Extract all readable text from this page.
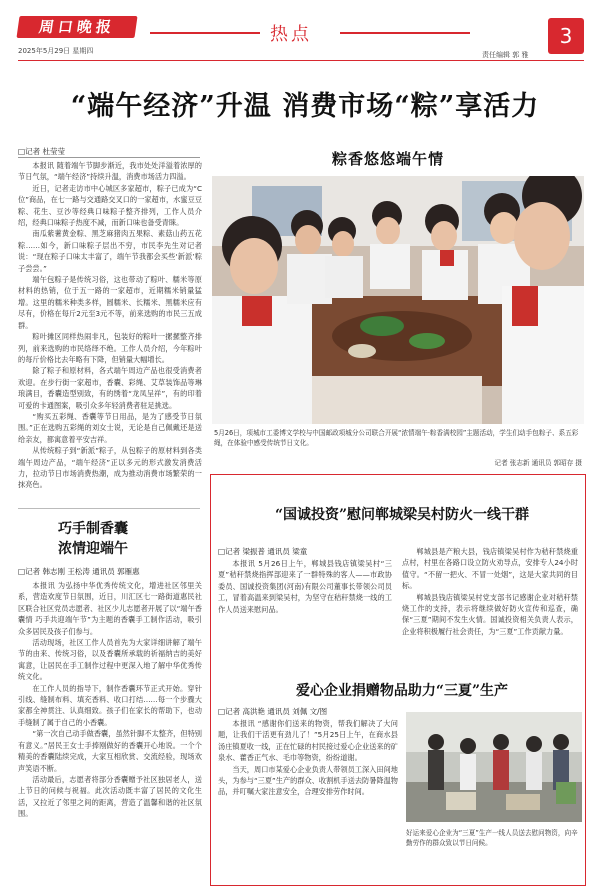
周口晚报
2025年5月29日 星期四
热点
责任编辑 郭 雅
3
“端午经济”升温 消费市场“粽”享活力
□记者 杜莹莹

本报讯 随着端午节脚步渐近，我市处处洋溢着浓厚的节日气氛，“端午经济”持续升温，消费市场活力四溢。

近日，记者走访市中心城区多家超市，粽子已成为“C位”商品，在七一路与交通路交叉口的一家超市，水蜜豆豆粽、花生、豆沙等经典口味粽子整齐排列，工作人员介绍，经典口味粽子热度不减，而新口味也备受青睐。

南瓜紫薯黄金粽、黑芝麻猪肉五果粽、素菇山药五花粽……如今，新口味粽子层出不穷，市民李先生对记者说：“现在粽子口味太丰富了，端午节我都会买些‘新派’粽子尝尝。”

端午包粽子是传统习俗，这也带动了粽叶、糯米等原材料的热销，位于五一路的一家超市，近期糯米销量猛增。这里的糯米种类多样，圆糯米、长糯米、黑糯米应有尽有，价格在每斤2元至3元不等，前来选购的市民三五成群。

粽叶摊区同样热闹非凡，包装好的粽叶一摞摞整齐排列，前来选购的市民络绎不绝。工作人员介绍，今年粽叶的每斤价格比去年略有下降，但销量大幅增长。

除了粽子和原材料，各式端午周边产品也很受消费者欢迎。在步行街一家超市，香囊、彩绳、艾草装饰品等琳琅满目，香囊造型别致，有的绣着“龙凤呈祥”，有的印着可爱的卡通图案，吸引众多年轻消费者驻足挑选。

“购买五彩绳、香囊等节日用品，是为了感受节日氛围。”正在选购五彩绳的刘女士说，无论是自己佩戴还是送给亲友，都寓意着平安吉祥。

从传统粽子到“新派”粽子，从包粽子的原材料到各类端午周边产品，“端午经济”正以多元的形式激发消费活力，拉动节日市场消费热潮，成为推动消费市场繁荣的一抹亮色。

粽香悠悠端午情
5月26日，项城市工委博文学校与中国邮政项城分公司联合开展“浓情端午·粽香满校园”主题活动，学生们动手包粽子、系五彩绳，在体验中感受传统节日文化。
记者 张志新 通讯员 郭昭存 摄
巧手制香囊
浓情迎端午
□记者 韩志刚 王松涛 通讯员 郭雁惠

本报讯 为弘扬中华优秀传统文化，增进社区邻里关系，营造欢度节日氛围，近日，川汇区七一路街道惠民社区联合社区党员志愿者、社区少儿志愿者开展了以“端午香囊情 巧手共迎端午节”为主题的香囊手工制作活动，吸引众多居民及孩子们参与。

活动现场，社区工作人员首先为大家详细讲解了端午节的由来、传统习俗，以及香囊所承载的祈福纳吉的美好寓意，让居民在手工制作过程中更深入地了解中华优秀传统文化。

在工作人员的指导下，制作香囊环节正式开始。穿针引线、缝制布料、填充香料、收口打结……每一个步骤大家都全神贯注、认真细致。孩子们在家长的帮助下，也动手缝制了属于自己的小香囊。

“第一次自己动手做香囊，虽然针脚不太整齐，但特别有意义。”居民王女士手捧刚做好的香囊开心地说。一个个精美的香囊陆续完成，大家互相欣赏、交流经验，现场欢声笑语不断。

活动最后，志愿者将部分香囊赠予社区独居老人，送上节日的问候与祝福。此次活动既丰富了居民的文化生活，又拉近了邻里之间的距离，营造了温馨和谐的社区氛围。

“国诚投资”慰问郸城梁吴村防火一线干群
□记者 梁振普 通讯员 梁童

本报讯 5月26日上午，郸城县钱店镇梁吴村“三夏”秸秆禁烧指挥部迎来了一群特殊的客人——市政协委员、国诚投资集团(河南)有限公司董事长带领公司员工，冒着高温来到梁吴村，为坚守在秸秆禁烧一线的工作人员送来慰问品。

郸城县是产粮大县，钱店镇梁吴村作为秸秆禁烧重点村，村里在各路口设立防火劝导点，安排专人24小时值守。“不留一把火、不冒一处烟”，这是大家共同的目标。

郸城县钱店镇梁吴村党支部书记感谢企业对秸秆禁烧工作的支持，表示将继续做好防火宣传和巡查，确保“三夏”期间不发生火情。国诚投资相关负责人表示，企业将积极履行社会责任，为“三夏”工作贡献力量。

爱心企业捐赠物品助力“三夏”生产
□记者 高洪艳 通讯员 刘佩 文/图

本报讯 “感谢你们送来的物资，帮我们解决了大问题，让我们干活更有劲儿了！”5月25日上午，在商水县汤庄镇夏收一线，正在忙碌的村民接过爱心企业送来的矿泉水、藿香正气水、毛巾等物资，纷纷道谢。

当天，周口市某爱心企业负责人带领员工深入田间地头，为参与“三夏”生产的群众、收割机手送去防暑降温物品，并叮嘱大家注意安全，合理安排劳作时间。

好运来爱心企业为“三夏”生产一线人员送去慰问物资，向辛勤劳作的群众致以节日问候。
